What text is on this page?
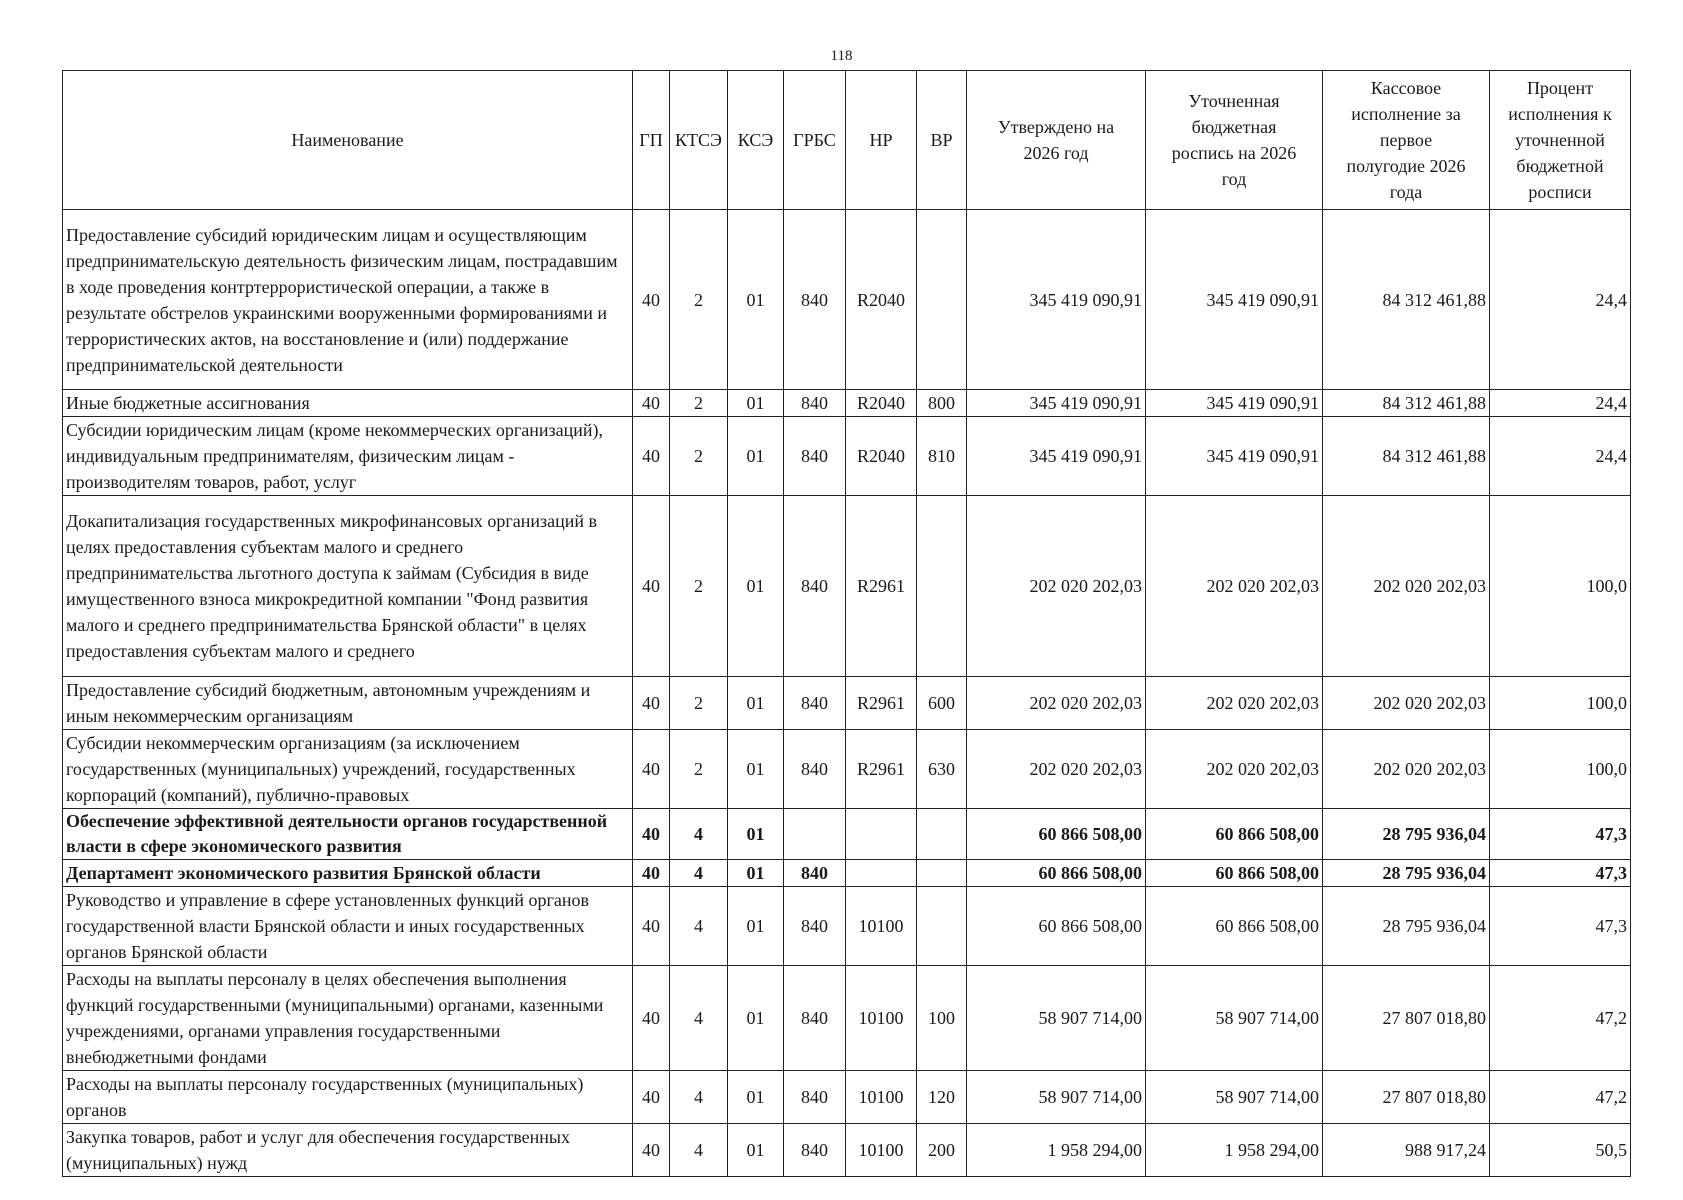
118
Наименование	ГП	КТСЭ	КСЭ	ГРБС	НР	ВР	Утверждено на 2026 год	Уточненная бюджетная роспись на 2026 год	Кассовое исполнение за первое полугодие 2026 года	Процент исполнения к уточненной бюджетной росписи
Предоставление субсидий юридическим лицам и осуществляющим предпринимательскую деятельность физическим лицам, пострадавшим в ходе проведения контртеррористической операции, а также в результате обстрелов украинскими вооруженными формированиями и террористических актов, на восстановление и (или) поддержание предпринимательской деятельности	40	2	01	840	R2040		345 419 090,91	345 419 090,91	84 312 461,88	24,4
Иные бюджетные ассигнования	40	2	01	840	R2040	800	345 419 090,91	345 419 090,91	84 312 461,88	24,4
Субсидии юридическим лицам (кроме некоммерческих организаций), индивидуальным предпринимателям, физическим лицам - производителям товаров, работ, услуг	40	2	01	840	R2040	810	345 419 090,91	345 419 090,91	84 312 461,88	24,4
Докапитализация государственных микрофинансовых организаций в целях предоставления субъектам малого и среднего предпринимательства льготного доступа к займам (Субсидия в виде имущественного взноса микрокредитной компании "Фонд развития малого и среднего предпринимательства Брянской области" в целях предоставления субъектам малого и среднего	40	2	01	840	R2961		202 020 202,03	202 020 202,03	202 020 202,03	100,0
Предоставление субсидий бюджетным, автономным учреждениям и иным некоммерческим организациям	40	2	01	840	R2961	600	202 020 202,03	202 020 202,03	202 020 202,03	100,0
Субсидии некоммерческим организациям (за исключением государственных (муниципальных) учреждений, государственных корпораций (компаний), публично-правовых	40	2	01	840	R2961	630	202 020 202,03	202 020 202,03	202 020 202,03	100,0
Обеспечение эффективной деятельности органов государственной власти в сфере экономического развития	40	4	01				60 866 508,00	60 866 508,00	28 795 936,04	47,3
Департамент экономического развития Брянской области	40	4	01	840			60 866 508,00	60 866 508,00	28 795 936,04	47,3
Руководство и управление в сфере установленных функций органов государственной власти Брянской области и иных государственных органов Брянской области	40	4	01	840	10100		60 866 508,00	60 866 508,00	28 795 936,04	47,3
Расходы на выплаты персоналу в целях обеспечения выполнения функций государственными (муниципальными) органами, казенными учреждениями, органами управления государственными внебюджетными фондами	40	4	01	840	10100	100	58 907 714,00	58 907 714,00	27 807 018,80	47,2
Расходы на выплаты персоналу государственных (муниципальных) органов	40	4	01	840	10100	120	58 907 714,00	58 907 714,00	27 807 018,80	47,2
Закупка товаров, работ и услуг для обеспечения государственных (муниципальных) нужд	40	4	01	840	10100	200	1 958 294,00	1 958 294,00	988 917,24	50,5
